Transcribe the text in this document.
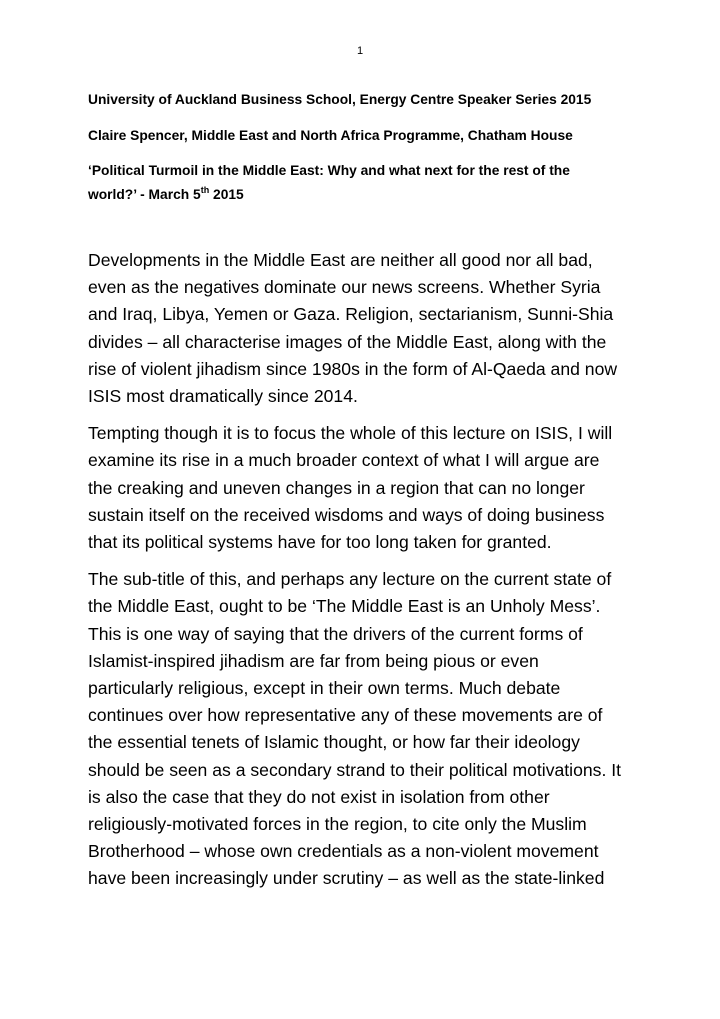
1

University of Auckland Business School, Energy Centre Speaker Series 2015

Claire Spencer, Middle East and North Africa Programme, Chatham House

‘Political Turmoil in the Middle East: Why and what next for the rest of the
world?’ - March 5th 2015

Developments in the Middle East are neither all good nor all bad,
even as the negatives dominate our news screens. Whether Syria
and Iraq, Libya, Yemen or Gaza. Religion, sectarianism, Sunni-Shia
divides – all characterise images of the Middle East, along with the
rise of violent jihadism since 1980s in the form of Al-Qaeda and now
ISIS most dramatically since 2014.

Tempting though it is to focus the whole of this lecture on ISIS, I will
examine its rise in a much broader context of what I will argue are
the creaking and uneven changes in a region that can no longer
sustain itself on the received wisdoms and ways of doing business
that its political systems have for too long taken for granted.

The sub-title of this, and perhaps any lecture on the current state of
the Middle East, ought to be ‘The Middle East is an Unholy Mess’.
This is one way of saying that the drivers of the current forms of
Islamist-inspired jihadism are far from being pious or even
particularly religious, except in their own terms. Much debate
continues over how representative any of these movements are of
the essential tenets of Islamic thought, or how far their ideology
should be seen as a secondary strand to their political motivations. It
is also the case that they do not exist in isolation from other
religiously-motivated forces in the region, to cite only the Muslim
Brotherhood – whose own credentials as a non-violent movement
have been increasingly under scrutiny – as well as the state-linked
